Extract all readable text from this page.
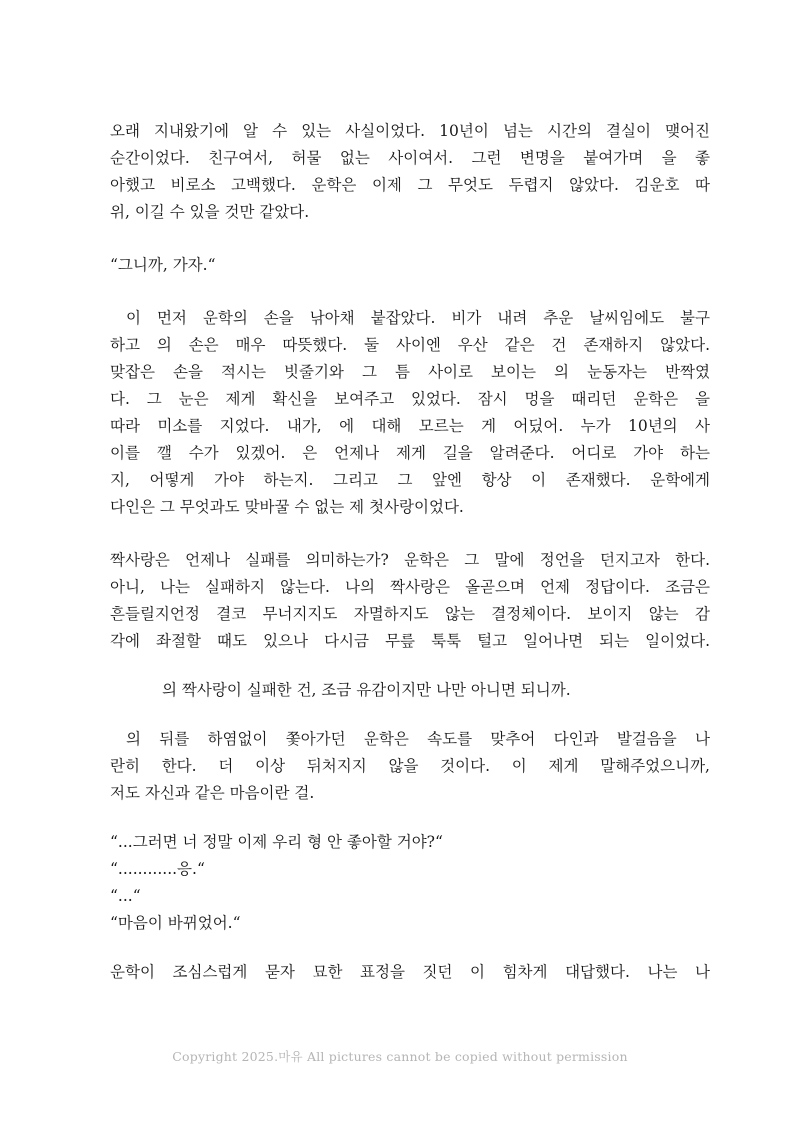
오래 지내왔기에 알 수 있는 사실이었다. 10년이 넘는 시간의 결실이 맺어진
순간이었다. 친구여서, 허물 없는 사이여서. 그런 변명을 붙여가며 을 좋
아했고 비로소 고백했다. 운학은 이제 그 무엇도 두렵지 않았다. 김운호 따
위, 이길 수 있을 것만 같았다.
“그니까, 가자.“
이 먼저 운학의 손을 낚아채 붙잡았다. 비가 내려 추운 날씨임에도 불구
하고 의 손은 매우 따뜻했다. 둘 사이엔 우산 같은 건 존재하지 않았다.
맞잡은 손을 적시는 빗줄기와 그 틈 사이로 보이는 의 눈동자는 반짝였
다. 그 눈은 제게 확신을 보여주고 있었다. 잠시 멍을 때리던 운학은 을
따라 미소를 지었다. 내가, 에 대해 모르는 게 어딨어. 누가 10년의 사
이를 깰 수가 있겠어. 은 언제나 제게 길을 알려준다. 어디로 가야 하는
지, 어떻게 가야 하는지. 그리고 그 앞엔 항상 이 존재했다. 운학에게
다인은 그 무엇과도 맞바꿀 수 없는 제 첫사랑이었다.
짝사랑은 언제나 실패를 의미하는가? 운학은 그 말에 정언을 던지고자 한다.
아니, 나는 실패하지 않는다. 나의 짝사랑은 올곧으며 언제 정답이다. 조금은
흔들릴지언정 결코 무너지지도 자멸하지도 않는 결정체이다. 보이지 않는 감
각에 좌절할 때도 있으나 다시금 무릎 툭툭 털고 일어나면 되는 일이었다.
의 짝사랑이 실패한 건, 조금 유감이지만 나만 아니면 되니까.
의 뒤를 하염없이 쫓아가던 운학은 속도를 맞추어 다인과 발걸음을 나
란히 한다. 더 이상 뒤처지지 않을 것이다. 이 제게 말해주었으니까,
저도 자신과 같은 마음이란 걸.
“...그러면 너 정말 이제 우리 형 안 좋아할 거야?“
“............응.“
“...“
“마음이 바뀌었어.“
운학이 조심스럽게 묻자 묘한 표정을 짓던 이 힘차게 대답했다. 나는 나
Copyright 2025.마유 All pictures cannot be copied without permission
